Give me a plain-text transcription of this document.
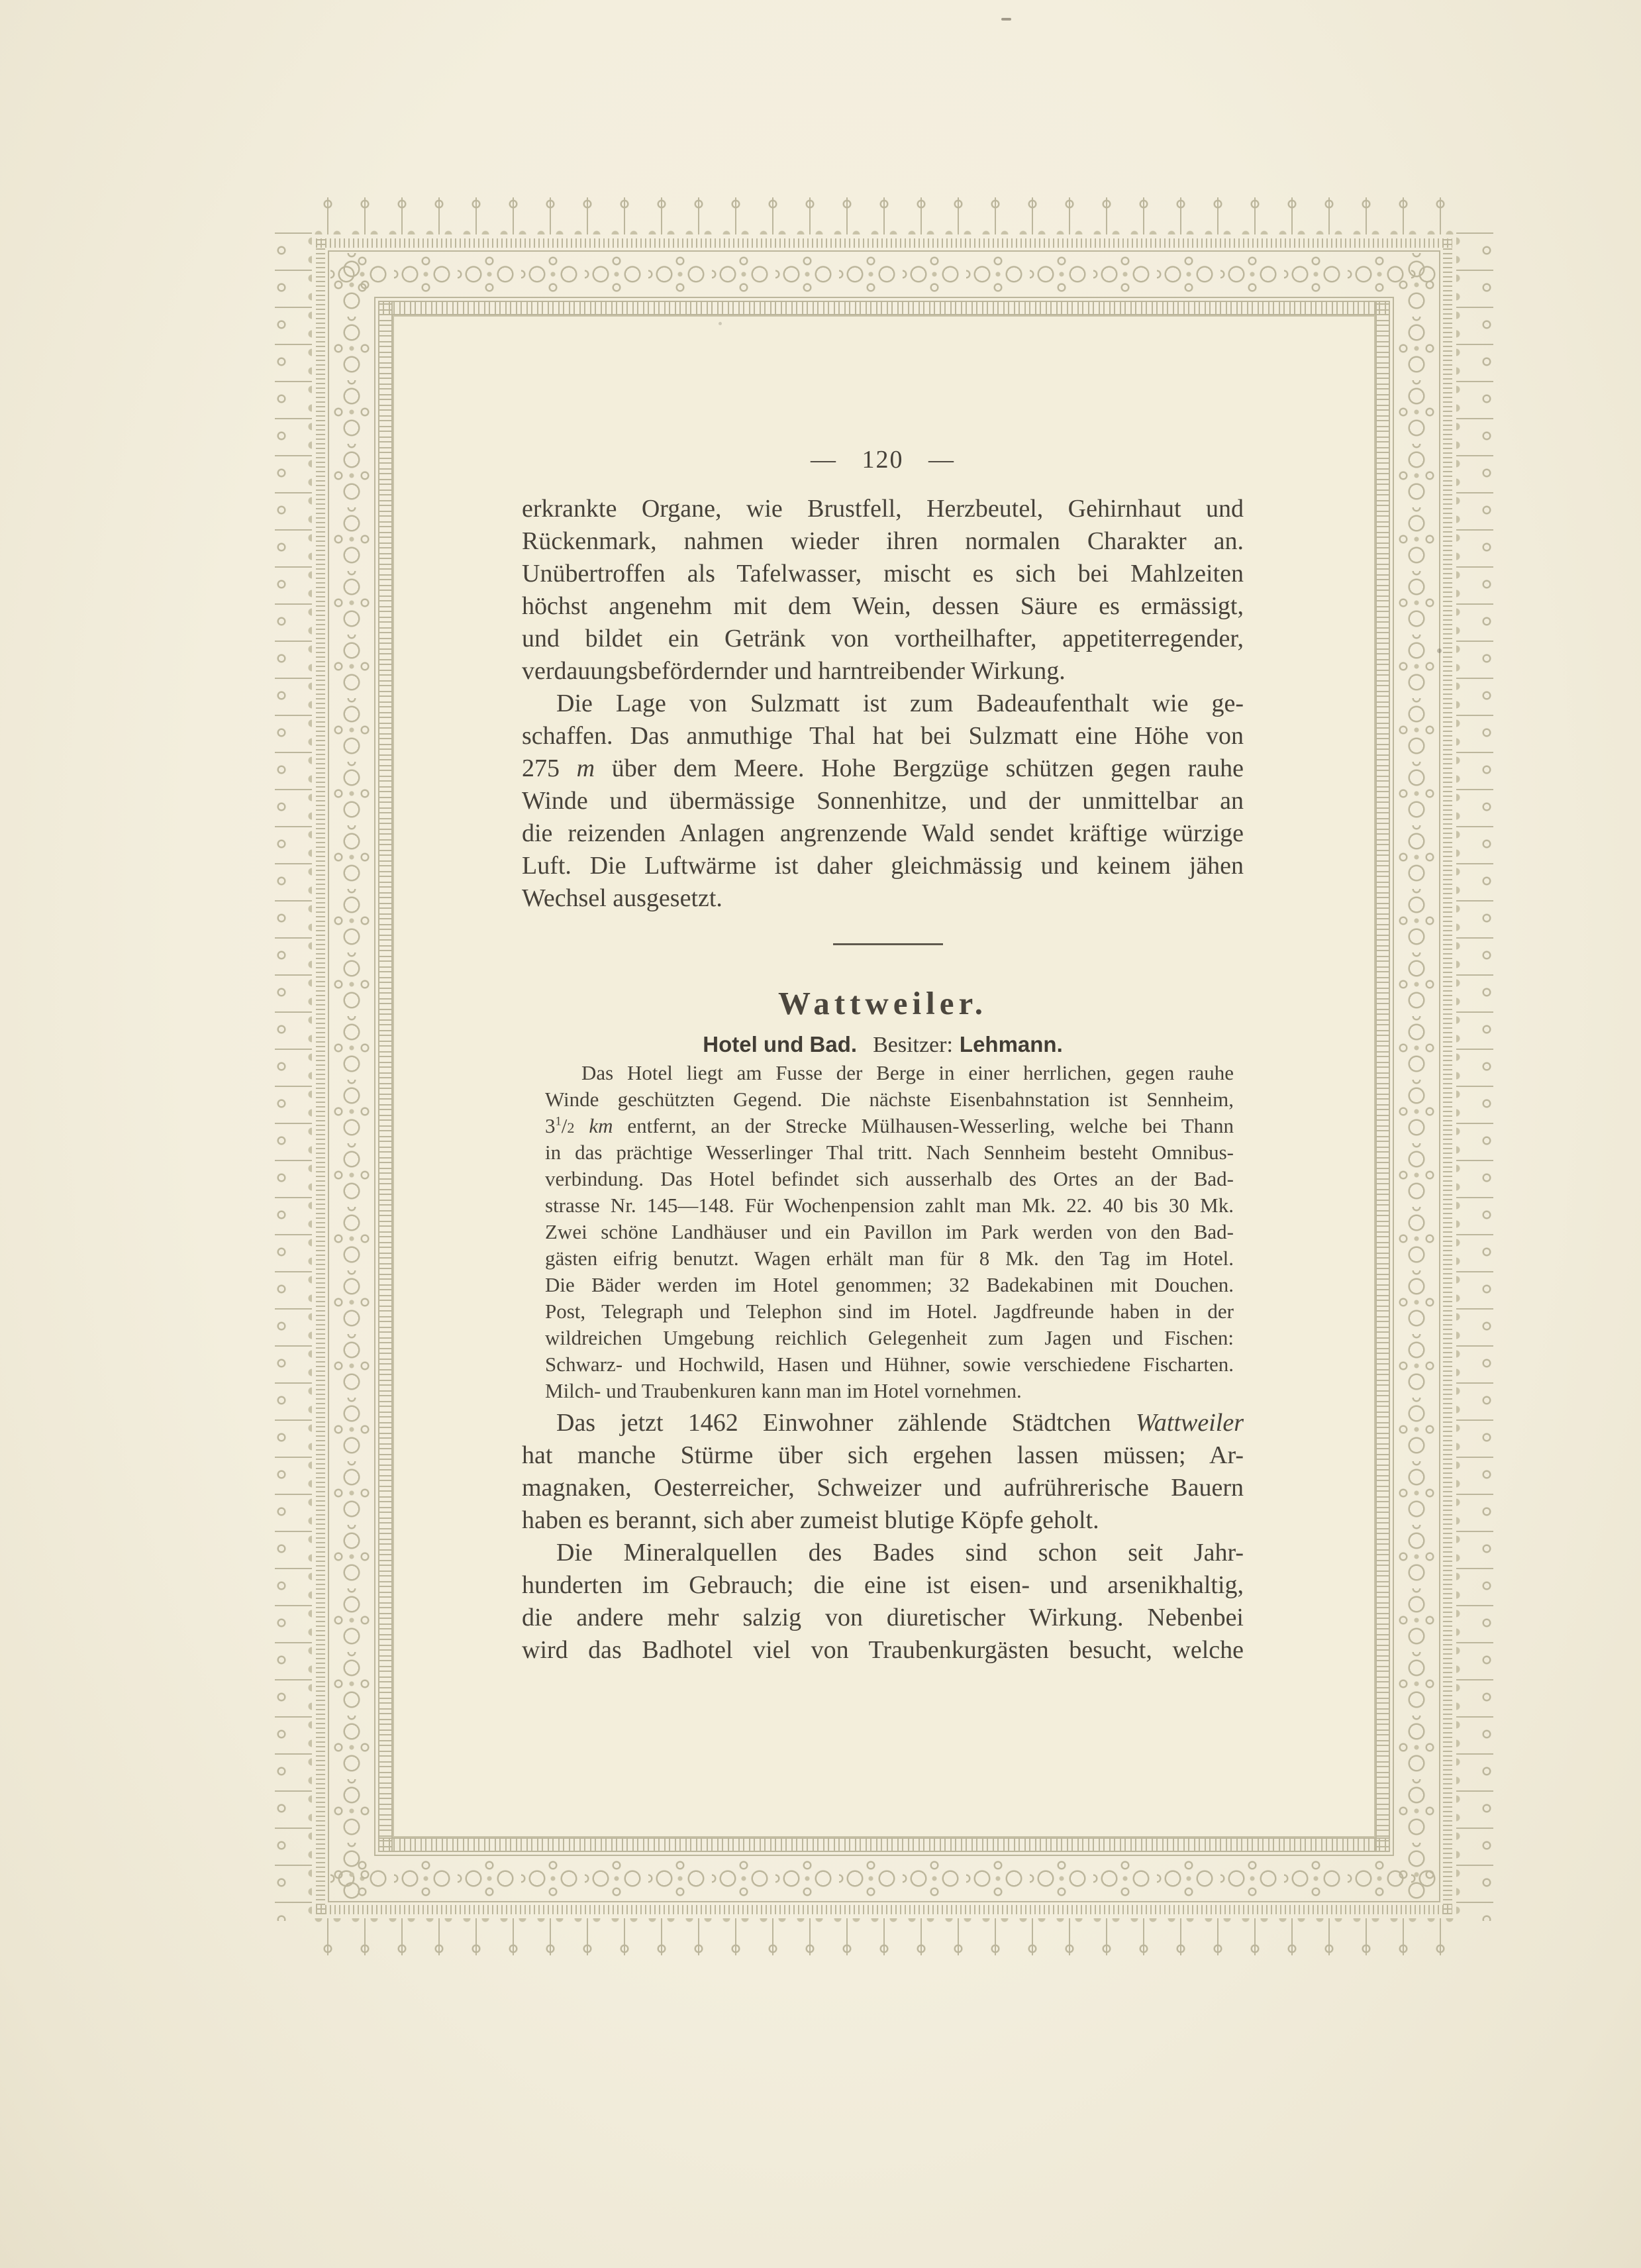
— 120 —
erkrankte Organe, wie Brustfell, Herzbeutel, Gehirnhaut und
Rückenmark, nahmen wieder ihren normalen Charakter an.
Unübertroffen als Tafelwasser, mischt es sich bei Mahlzeiten
höchst angenehm mit dem Wein, dessen Säure es ermässigt,
und bildet ein Getränk von vortheilhafter, appetiterregender,
verdauungsbefördernder und harntreibender Wirkung.
Die Lage von Sulzmatt ist zum Badeaufenthalt wie ge-
schaffen. Das anmuthige Thal hat bei Sulzmatt eine Höhe von
275 m über dem Meere. Hohe Bergzüge schützen gegen rauhe
Winde und übermässige Sonnenhitze, und der unmittelbar an
die reizenden Anlagen angrenzende Wald sendet kräftige würzige
Luft. Die Luftwärme ist daher gleichmässig und keinem jähen
Wechsel ausgesetzt.
Wattweiler.
Hotel und Bad. Besitzer: Lehmann.
Das Hotel liegt am Fusse der Berge in einer herrlichen, gegen rauhe
Winde geschützten Gegend. Die nächste Eisenbahnstation ist Sennheim,
$3^1/2$ km entfernt, an der Strecke Mülhausen-Wesserling, welche bei Thann
in das prächtige Wesserlinger Thal tritt. Nach Sennheim besteht Omnibus-
verbindung. Das Hotel befindet sich ausserhalb des Ortes an der Bad-
strasse Nr. 145—148. Für Wochenpension zahlt man Mk. 22. 40 bis 30 Mk.
Zwei schöne Landhäuser und ein Pavillon im Park werden von den Bad-
gästen eifrig benutzt. Wagen erhält man für 8 Mk. den Tag im Hotel.
Die Bäder werden im Hotel genommen; 32 Badekabinen mit Douchen.
Post, Telegraph und Telephon sind im Hotel. Jagdfreunde haben in der
wildreichen Umgebung reichlich Gelegenheit zum Jagen und Fischen:
Schwarz- und Hochwild, Hasen und Hühner, sowie verschiedene Fischarten.
Milch- und Traubenkuren kann man im Hotel vornehmen.
Das jetzt 1462 Einwohner zählende Städtchen Wattweiler
hat manche Stürme über sich ergehen lassen müssen; Ar-
magnaken, Oesterreicher, Schweizer und aufrührerische Bauern
haben es berannt, sich aber zumeist blutige Köpfe geholt.
Die Mineralquellen des Bades sind schon seit Jahr-
hunderten im Gebrauch; die eine ist eisen- und arsenikhaltig,
die andere mehr salzig von diuretischer Wirkung. Nebenbei
wird das Badhotel viel von Traubenkurgästen besucht, welche
